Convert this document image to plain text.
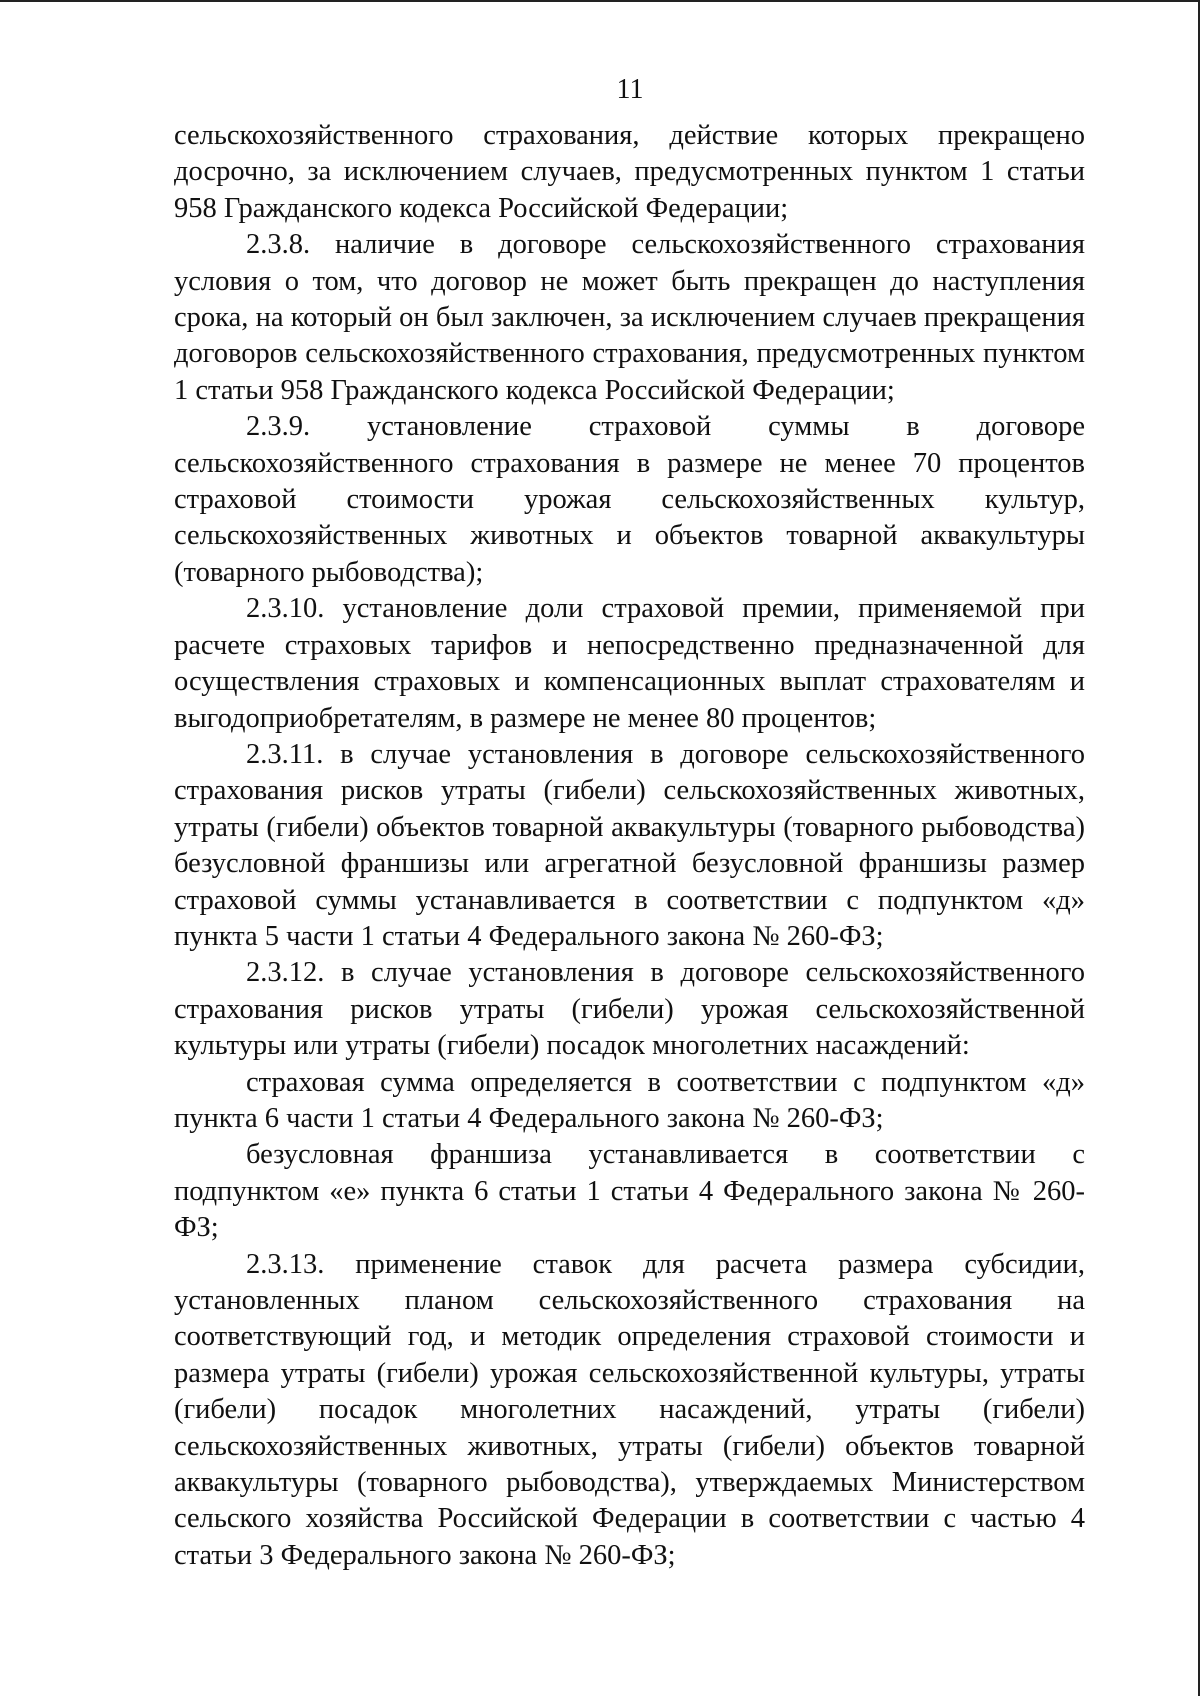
11

сельскохозяйственного страхования, действие которых прекращено досрочно, за исключением случаев, предусмотренных пунктом 1 статьи 958 Гражданского кодекса Российской Федерации;

2.3.8. наличие в договоре сельскохозяйственного страхования условия о том, что договор не может быть прекращен до наступления срока, на который он был заключен, за исключением случаев прекращения договоров сельскохозяйственного страхования, предусмотренных пунктом 1 статьи 958 Гражданского кодекса Российской Федерации;

2.3.9. установление страховой суммы в договоре сельскохозяйственного страхования в размере не менее 70 процентов страховой стоимости урожая сельскохозяйственных культур, сельскохозяйственных животных и объектов товарной аквакультуры (товарного рыбоводства);

2.3.10. установление доли страховой премии, применяемой при расчете страховых тарифов и непосредственно предназначенной для осуществления страховых и компенсационных выплат страхователям и выгодоприобретателям, в размере не менее 80 процентов;

2.3.11. в случае установления в договоре сельскохозяйственного страхования рисков утраты (гибели) сельскохозяйственных животных, утраты (гибели) объектов товарной аквакультуры (товарного рыбоводства) безусловной франшизы или агрегатной безусловной франшизы размер страховой суммы устанавливается в соответствии с подпунктом «д» пункта 5 части 1 статьи 4 Федерального закона № 260-ФЗ;

2.3.12. в случае установления в договоре сельскохозяйственного страхования рисков утраты (гибели) урожая сельскохозяйственной культуры или утраты (гибели) посадок многолетних насаждений:

страховая сумма определяется в соответствии с подпунктом «д» пункта 6 части 1 статьи 4 Федерального закона № 260-ФЗ;

безусловная франшиза устанавливается в соответствии с подпунктом «е» пункта 6 статьи 1 статьи 4 Федерального закона № 260-ФЗ;

2.3.13. применение ставок для расчета размера субсидии, установленных планом сельскохозяйственного страхования на соответствующий год, и методик определения страховой стоимости и размера утраты (гибели) урожая сельскохозяйственной культуры, утраты (гибели) посадок многолетних насаждений, утраты (гибели) сельскохозяйственных животных, утраты (гибели) объектов товарной аквакультуры (товарного рыбоводства), утверждаемых Министерством сельского хозяйства Российской Федерации в соответствии с частью 4 статьи 3 Федерального закона № 260-ФЗ;
